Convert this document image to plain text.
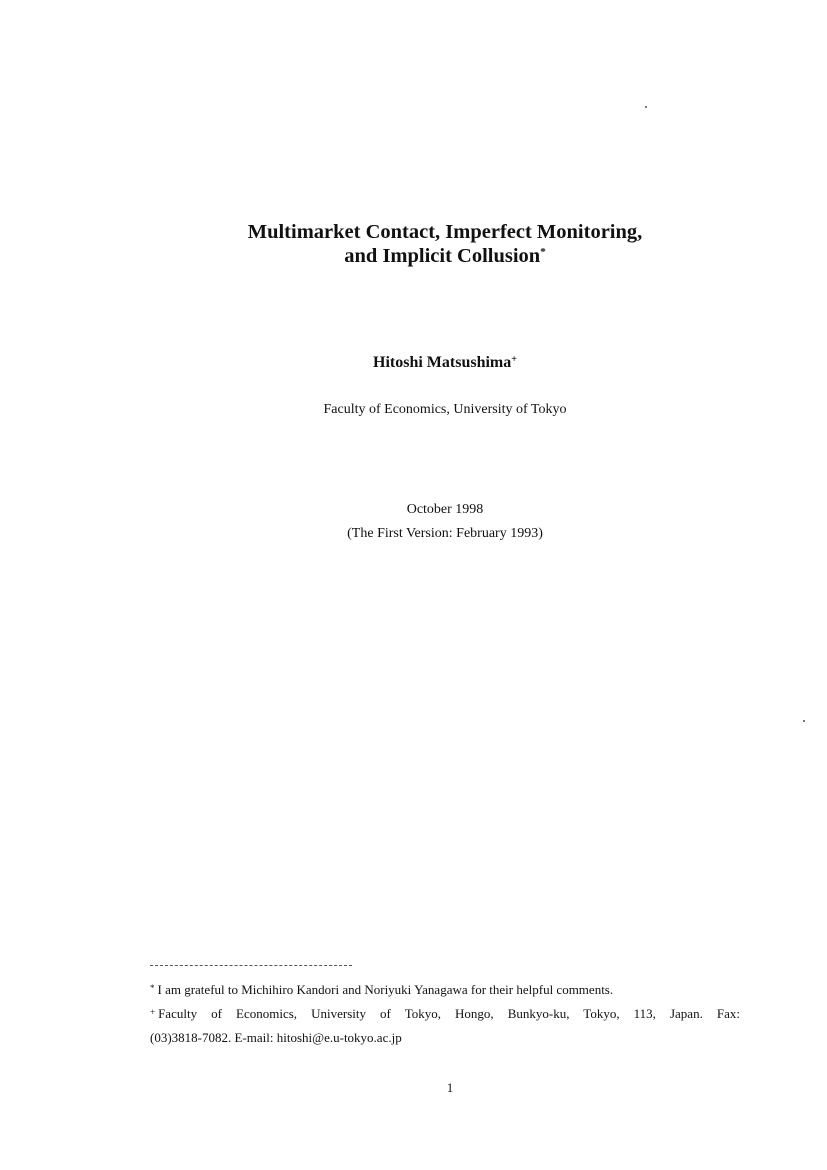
Multimarket Contact, Imperfect Monitoring,
and Implicit Collusion*
Hitoshi Matsushima+
Faculty of Economics, University of Tokyo
October 1998
(The First Version: February 1993)

* I am grateful to Michihiro Kandori and Noriyuki Yanagawa for their helpful comments.

+ Faculty of Economics, University of Tokyo, Hongo, Bunkyo-ku, Tokyo, 113, Japan. Fax:

(03)3818-7082. E-mail: hitoshi@e.u-tokyo.ac.jp

1
